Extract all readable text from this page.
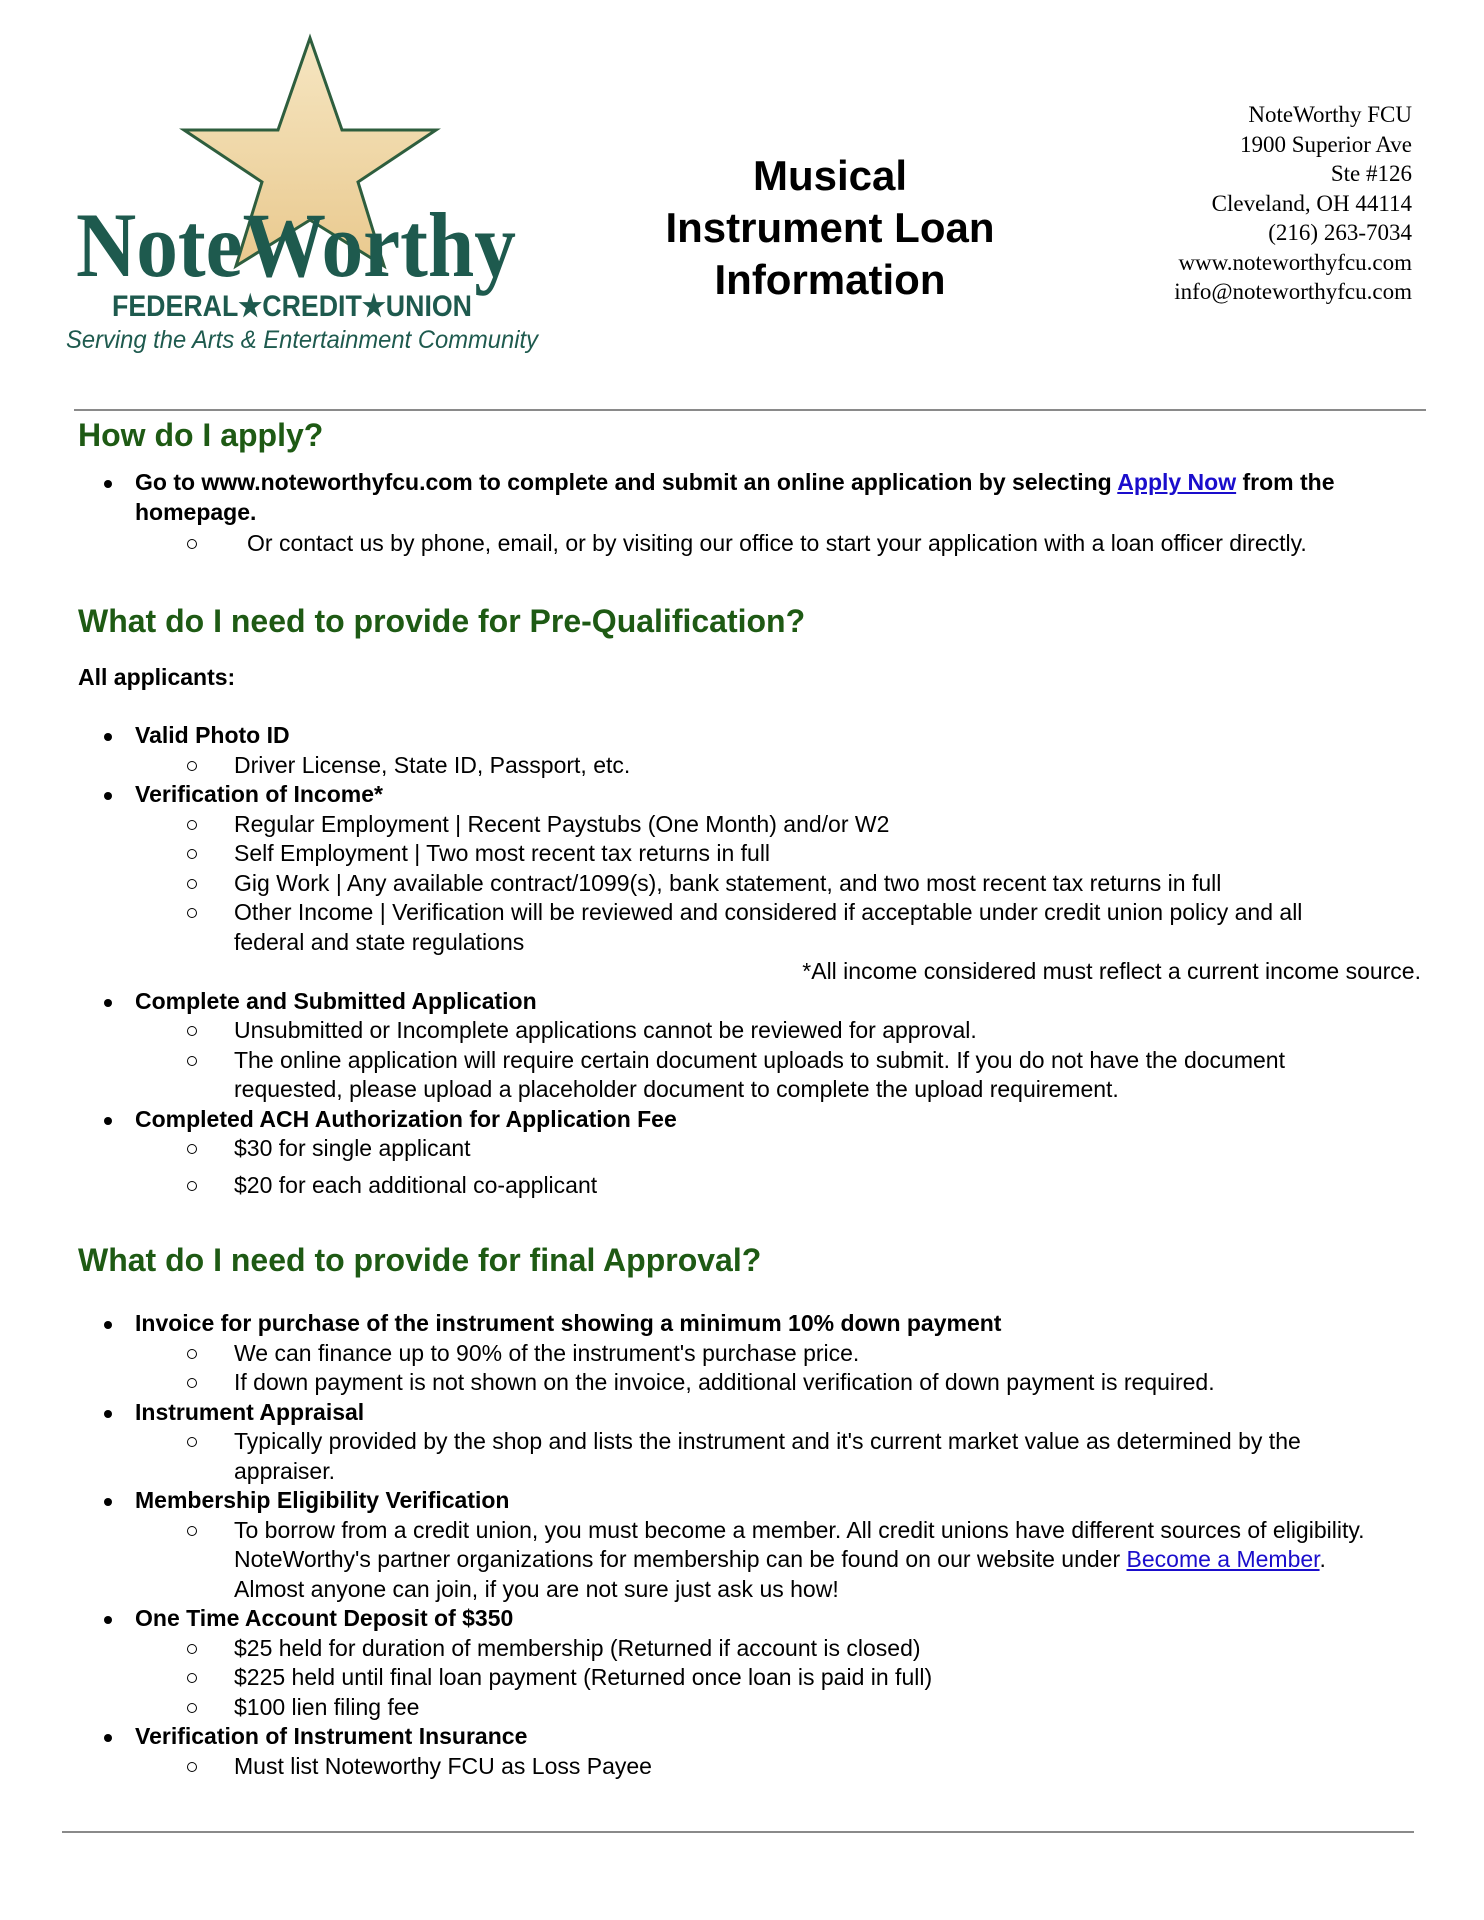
NoteWorthy
FEDERAL★CREDIT★UNION
Serving the Arts & Entertainment Community
Musical
Instrument Loan
Information
NoteWorthy FCU
1900 Superior Ave
Ste #126
Cleveland, OH 44114
(216) 263-7034
www.noteworthyfcu.com
info@noteworthyfcu.com
How do I apply?
Go to www.noteworthyfcu.com to complete and submit an online application by selecting Apply Now from the homepage.
Or contact us by phone, email, or by visiting our office to start your application with a loan officer directly.
What do I need to provide for Pre-Qualification?
All applicants:
Valid Photo ID
Driver License, State ID, Passport, etc.
Verification of Income*
Regular Employment | Recent Paystubs (One Month) and/or W2
Self Employment | Two most recent tax returns in full
Gig Work | Any available contract/1099(s), bank statement, and two most recent tax returns in full
Other Income | Verification will be reviewed and considered if acceptable under credit union policy and all federal and state regulations
*All income considered must reflect a current income source.
Complete and Submitted Application
Unsubmitted or Incomplete applications cannot be reviewed for approval.
The online application will require certain document uploads to submit. If you do not have the document requested, please upload a placeholder document to complete the upload requirement.
Completed ACH Authorization for Application Fee
$30 for single applicant
$20 for each additional co-applicant
What do I need to provide for final Approval?
Invoice for purchase of the instrument showing a minimum 10% down payment
We can finance up to 90% of the instrument's purchase price.
If down payment is not shown on the invoice, additional verification of down payment is required.
Instrument Appraisal
Typically provided by the shop and lists the instrument and it's current market value as determined by the appraiser.
Membership Eligibility Verification
To borrow from a credit union, you must become a member. All credit unions have different sources of eligibility. NoteWorthy's partner organizations for membership can be found on our website under Become a Member. Almost anyone can join, if you are not sure just ask us how!
One Time Account Deposit of $350
$25 held for duration of membership (Returned if account is closed)
$225 held until final loan payment (Returned once loan is paid in full)
$100 lien filing fee
Verification of Instrument Insurance
Must list Noteworthy FCU as Loss Payee
